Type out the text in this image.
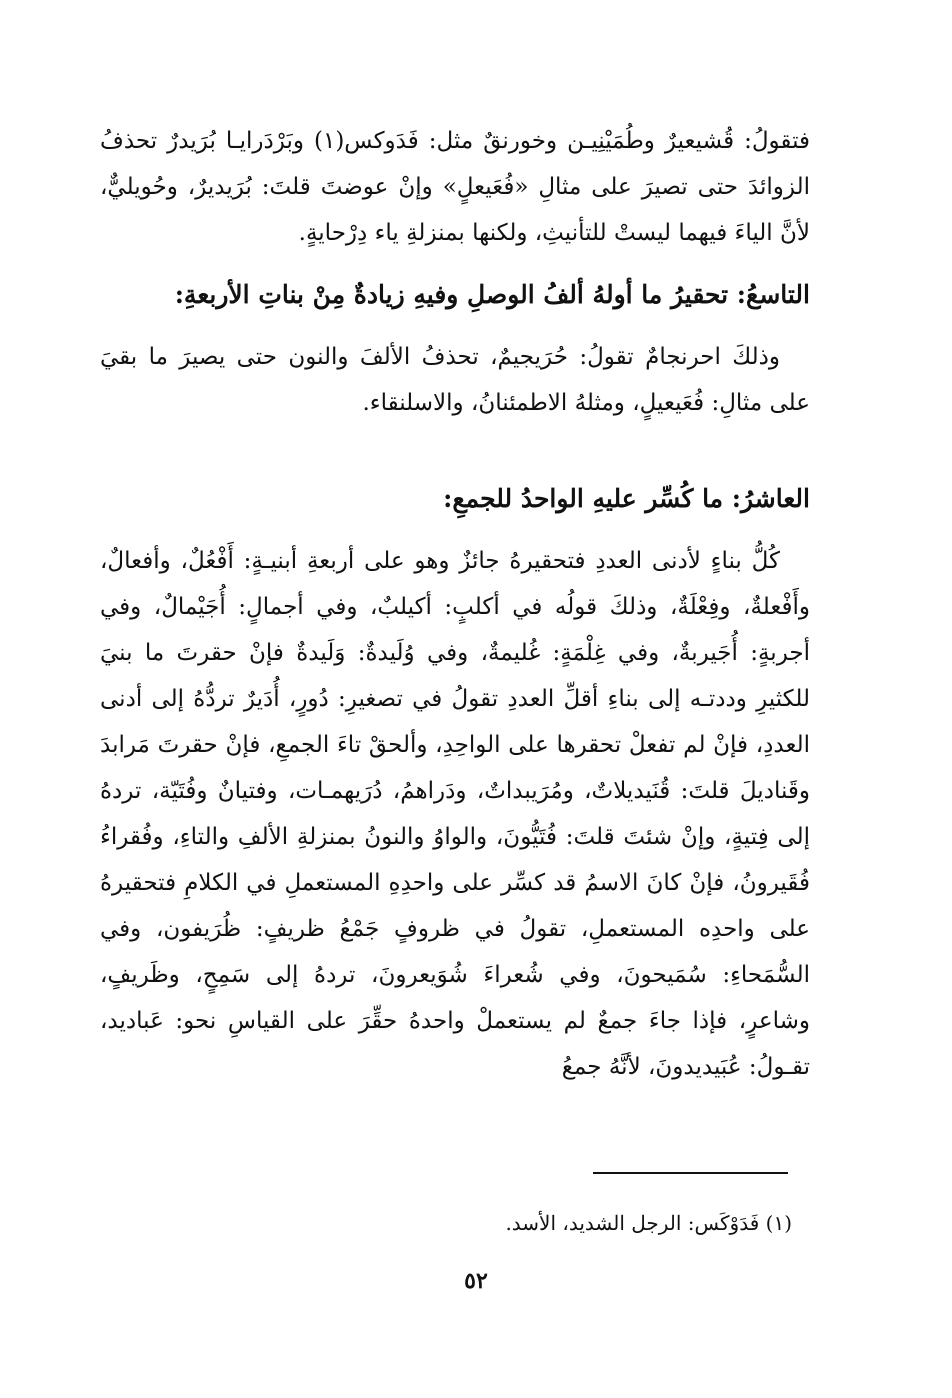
فتقولُ: قُشيعيرٌ وطُمَيْنِيـن وخورنقٌ مثل: فَدَوكس(١) وبَرْدَرايـا بُرَيدرٌ تحذفُ الزوائدَ حتى تصيرَ على مثالِ «فُعَيعلٍ» وإنْ عوضتَ قلتَ: بُرَيديرٌ، وحُويليٌّ، لأنَّ الياءَ فيهما ليستْ للتأنيثِ، ولكنها بمنزلةِ ياء دِرْحايةٍ.

التاسعُ: تحقيرُ ما أولهُ ألفُ الوصلِ وفيهِ زيادةٌ مِنْ بناتِ الأربعةِ:

وذلكَ احرنجامٌ تقولُ: حُرَيجيمٌ، تحذفُ الألفَ والنون حتى يصيرَ ما بقيَ على مثالِ: فُعَيعيلٍ، ومثلهُ الاطمئنانُ، والاسلنقاء.

العاشرُ: ما كُسِّر عليهِ الواحدُ للجمعِ:

كُلُّ بناءٍ لأدنى العددِ فتحقيرهُ جائزٌ وهو على أربعةِ أبنيـةٍ: أَفْعُلٌ، وأفعالٌ، وأَفْعلةٌ، وفِعْلَةٌ، وذلكَ قولُه في أكلبٍ: أكيلبٌ، وفي أجمالٍ: أُجَيْمالٌ، وفي أجربةٍ: أُجَيربةٌ، وفي غِلْمَةٍ: غُليمةٌ، وفي وُلَيدةٌ: وَلَيدةٌ فإنْ حقرتَ ما بنيَ للكثيرِ وددتـه إلى بناءِ أقلِّ العددِ تقولُ في تصغيرِ: دُورٍ، أُدَيرٌ تردُّهُ إلى أدنى العددِ، فإنْ لم تفعلْ تحقرها على الواحِدِ، وألحقْ تاءَ الجمعِ، فإنْ حقرتَ مَرابدَ وقَناديلَ قلتَ: قُنَيديلاتٌ، ومُرَيبداتٌ، ودَراهمُ، دُرَيهمـات، وفتيانٌ وفُتَيّة، تردهُ إلى فِتيةٍ، وإنْ شئتَ قلتَ: فُتَيُّونَ، والواوُ والنونُ بمنزلةِ الألفِ والتاءِ، وفُقراءُ فُقَيرونُ، فإنْ كانَ الاسمُ قد كسِّر على واحدِهِ المستعملِ في الكلامِ فتحقيرهُ على واحدِه المستعملِ، تقولُ في ظروفٍ جَمْعُ ظريفٍ: ظُرَيفون، وفي السُّمَحاءِ: سُمَيحونَ، وفي شُعراءَ شُوَيعرونَ، تردهُ إلى سَمِحٍ، وظَريفٍ، وشاعرٍ، فإذا جاءَ جمعٌ لم يستعملْ واحدهُ حقِّرَ على القياسِ نحو: عَباديد، تقـولُ: عُبَيديدونَ، لأنَّهُ جمعُ

(١) فَدَوْكَس: الرجل الشديد، الأسد.
٥٢
